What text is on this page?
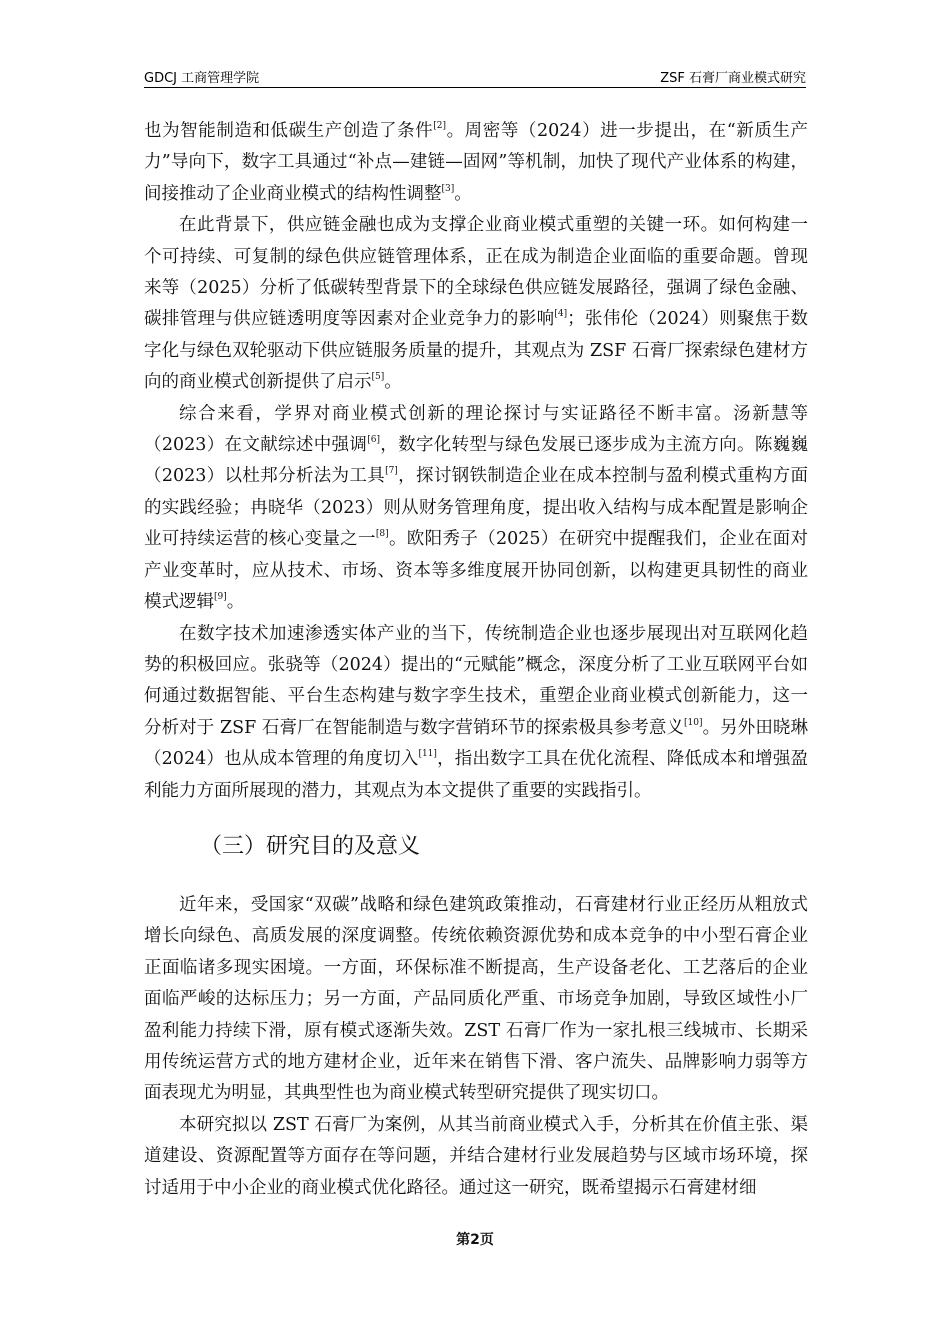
GDCJ 工商管理学院	ZSF 石膏厂商业模式研究

也为智能制造和低碳生产创造了条件[2]。周密等（2024）进一步提出，在“新质生产力”导向下，数字工具通过“补点—建链—固网”等机制，加快了现代产业体系的构建，间接推动了企业商业模式的结构性调整[3]。

在此背景下，供应链金融也成为支撑企业商业模式重塑的关键一环。如何构建一个可持续、可复制的绿色供应链管理体系，正在成为制造企业面临的重要命题。曾现来等（2025）分析了低碳转型背景下的全球绿色供应链发展路径，强调了绿色金融、碳排管理与供应链透明度等因素对企业竞争力的影响[4]；张伟伦（2024）则聚焦于数字化与绿色双轮驱动下供应链服务质量的提升，其观点为 ZSF 石膏厂探索绿色建材方向的商业模式创新提供了启示[5]。

综合来看，学界对商业模式创新的理论探讨与实证路径不断丰富。汤新慧等（2023）在文献综述中强调[6]，数字化转型与绿色发展已逐步成为主流方向。陈巍巍（2023）以杜邦分析法为工具[7]，探讨钢铁制造企业在成本控制与盈利模式重构方面的实践经验；冉晓华（2023）则从财务管理角度，提出收入结构与成本配置是影响企业可持续运营的核心变量之一[8]。欧阳秀子（2025）在研究中提醒我们，企业在面对产业变革时，应从技术、市场、资本等多维度展开协同创新，以构建更具韧性的商业模式逻辑[9]。

在数字技术加速渗透实体产业的当下，传统制造企业也逐步展现出对互联网化趋势的积极回应。张骁等（2024）提出的“元赋能”概念，深度分析了工业互联网平台如何通过数据智能、平台生态构建与数字孪生技术，重塑企业商业模式创新能力，这一分析对于 ZSF 石膏厂在智能制造与数字营销环节的探索极具参考意义[10]。另外田晓琳（2024）也从成本管理的角度切入[11]，指出数字工具在优化流程、降低成本和增强盈利能力方面所展现的潜力，其观点为本文提供了重要的实践指引。

（三）研究目的及意义

近年来，受国家“双碳”战略和绿色建筑政策推动，石膏建材行业正经历从粗放式增长向绿色、高质发展的深度调整。传统依赖资源优势和成本竞争的中小型石膏企业正面临诸多现实困境。一方面，环保标准不断提高，生产设备老化、工艺落后的企业面临严峻的达标压力；另一方面，产品同质化严重、市场竞争加剧，导致区域性小厂盈利能力持续下滑，原有模式逐渐失效。ZST 石膏厂作为一家扎根三线城市、长期采用传统运营方式的地方建材企业，近年来在销售下滑、客户流失、品牌影响力弱等方面表现尤为明显，其典型性也为商业模式转型研究提供了现实切口。

本研究拟以 ZST 石膏厂为案例，从其当前商业模式入手，分析其在价值主张、渠道建设、资源配置等方面存在等问题，并结合建材行业发展趋势与区域市场环境，探讨适用于中小企业的商业模式优化路径。通过这一研究，既希望揭示石膏建材细

第2页
